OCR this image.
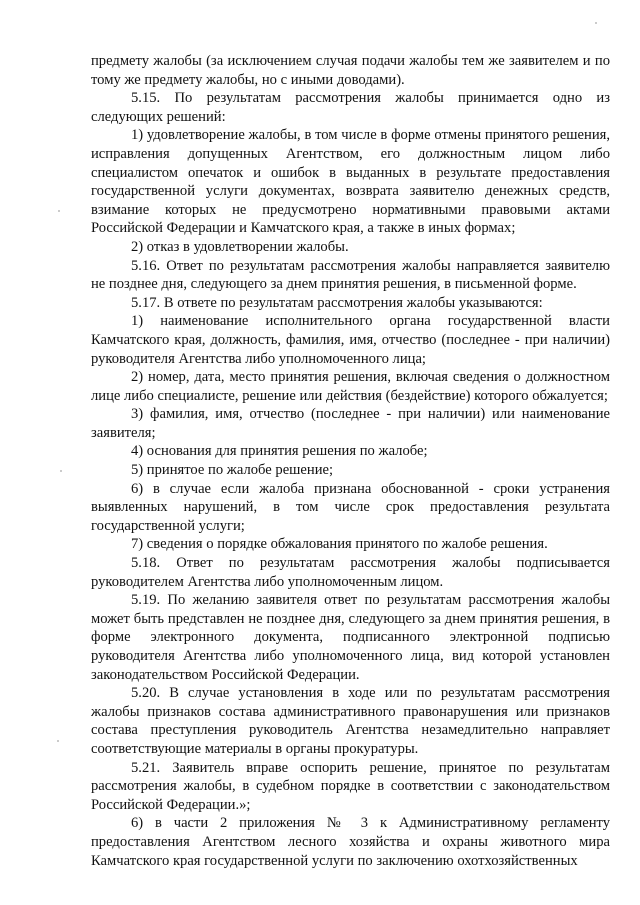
предмету жалобы (за исключением случая подачи жалобы тем же заявителем и по тому же предмету жалобы, но с иными доводами).

5.15. По результатам рассмотрения жалобы принимается одно из следующих решений:

1) удовлетворение жалобы, в том числе в форме отмены принятого решения, исправления допущенных Агентством, его должностным лицом либо специалистом опечаток и ошибок в выданных в результате предоставления государственной услуги документах, возврата заявителю денежных средств, взимание которых не предусмотрено нормативными правовыми актами Российской Федерации и Камчатского края, а также в иных формах;

2) отказ в удовлетворении жалобы.

5.16. Ответ по результатам рассмотрения жалобы направляется заявителю не позднее дня, следующего за днем принятия решения, в письменной форме.

5.17. В ответе по результатам рассмотрения жалобы указываются:

1) наименование исполнительного органа государственной власти Камчатского края, должность, фамилия, имя, отчество (последнее - при наличии) руководителя Агентства либо уполномоченного лица;

2) номер, дата, место принятия решения, включая сведения о должностном лице либо специалисте, решение или действия (бездействие) которого обжалуется;

3) фамилия, имя, отчество (последнее - при наличии) или наименование заявителя;

4) основания для принятия решения по жалобе;

5) принятое по жалобе решение;

6) в случае если жалоба признана обоснованной - сроки устранения выявленных нарушений, в том числе срок предоставления результата государственной услуги;

7) сведения о порядке обжалования принятого по жалобе решения.

5.18. Ответ по результатам рассмотрения жалобы подписывается руководителем Агентства либо уполномоченным лицом.

5.19. По желанию заявителя ответ по результатам рассмотрения жалобы может быть представлен не позднее дня, следующего за днем принятия решения, в форме электронного документа, подписанного электронной подписью руководителя Агентства либо уполномоченного лица, вид которой установлен законодательством Российской Федерации.

5.20. В случае установления в ходе или по результатам рассмотрения жалобы признаков состава административного правонарушения или признаков состава преступления руководитель Агентства незамедлительно направляет соответствующие материалы в органы прокуратуры.

5.21. Заявитель вправе оспорить решение, принятое по результатам рассмотрения жалобы, в судебном порядке в соответствии с законодательством Российской Федерации.»;

6) в части 2 приложения № 3 к Административному регламенту предоставления Агентством лесного хозяйства и охраны животного мира Камчатского края государственной услуги по заключению охотхозяйственных
